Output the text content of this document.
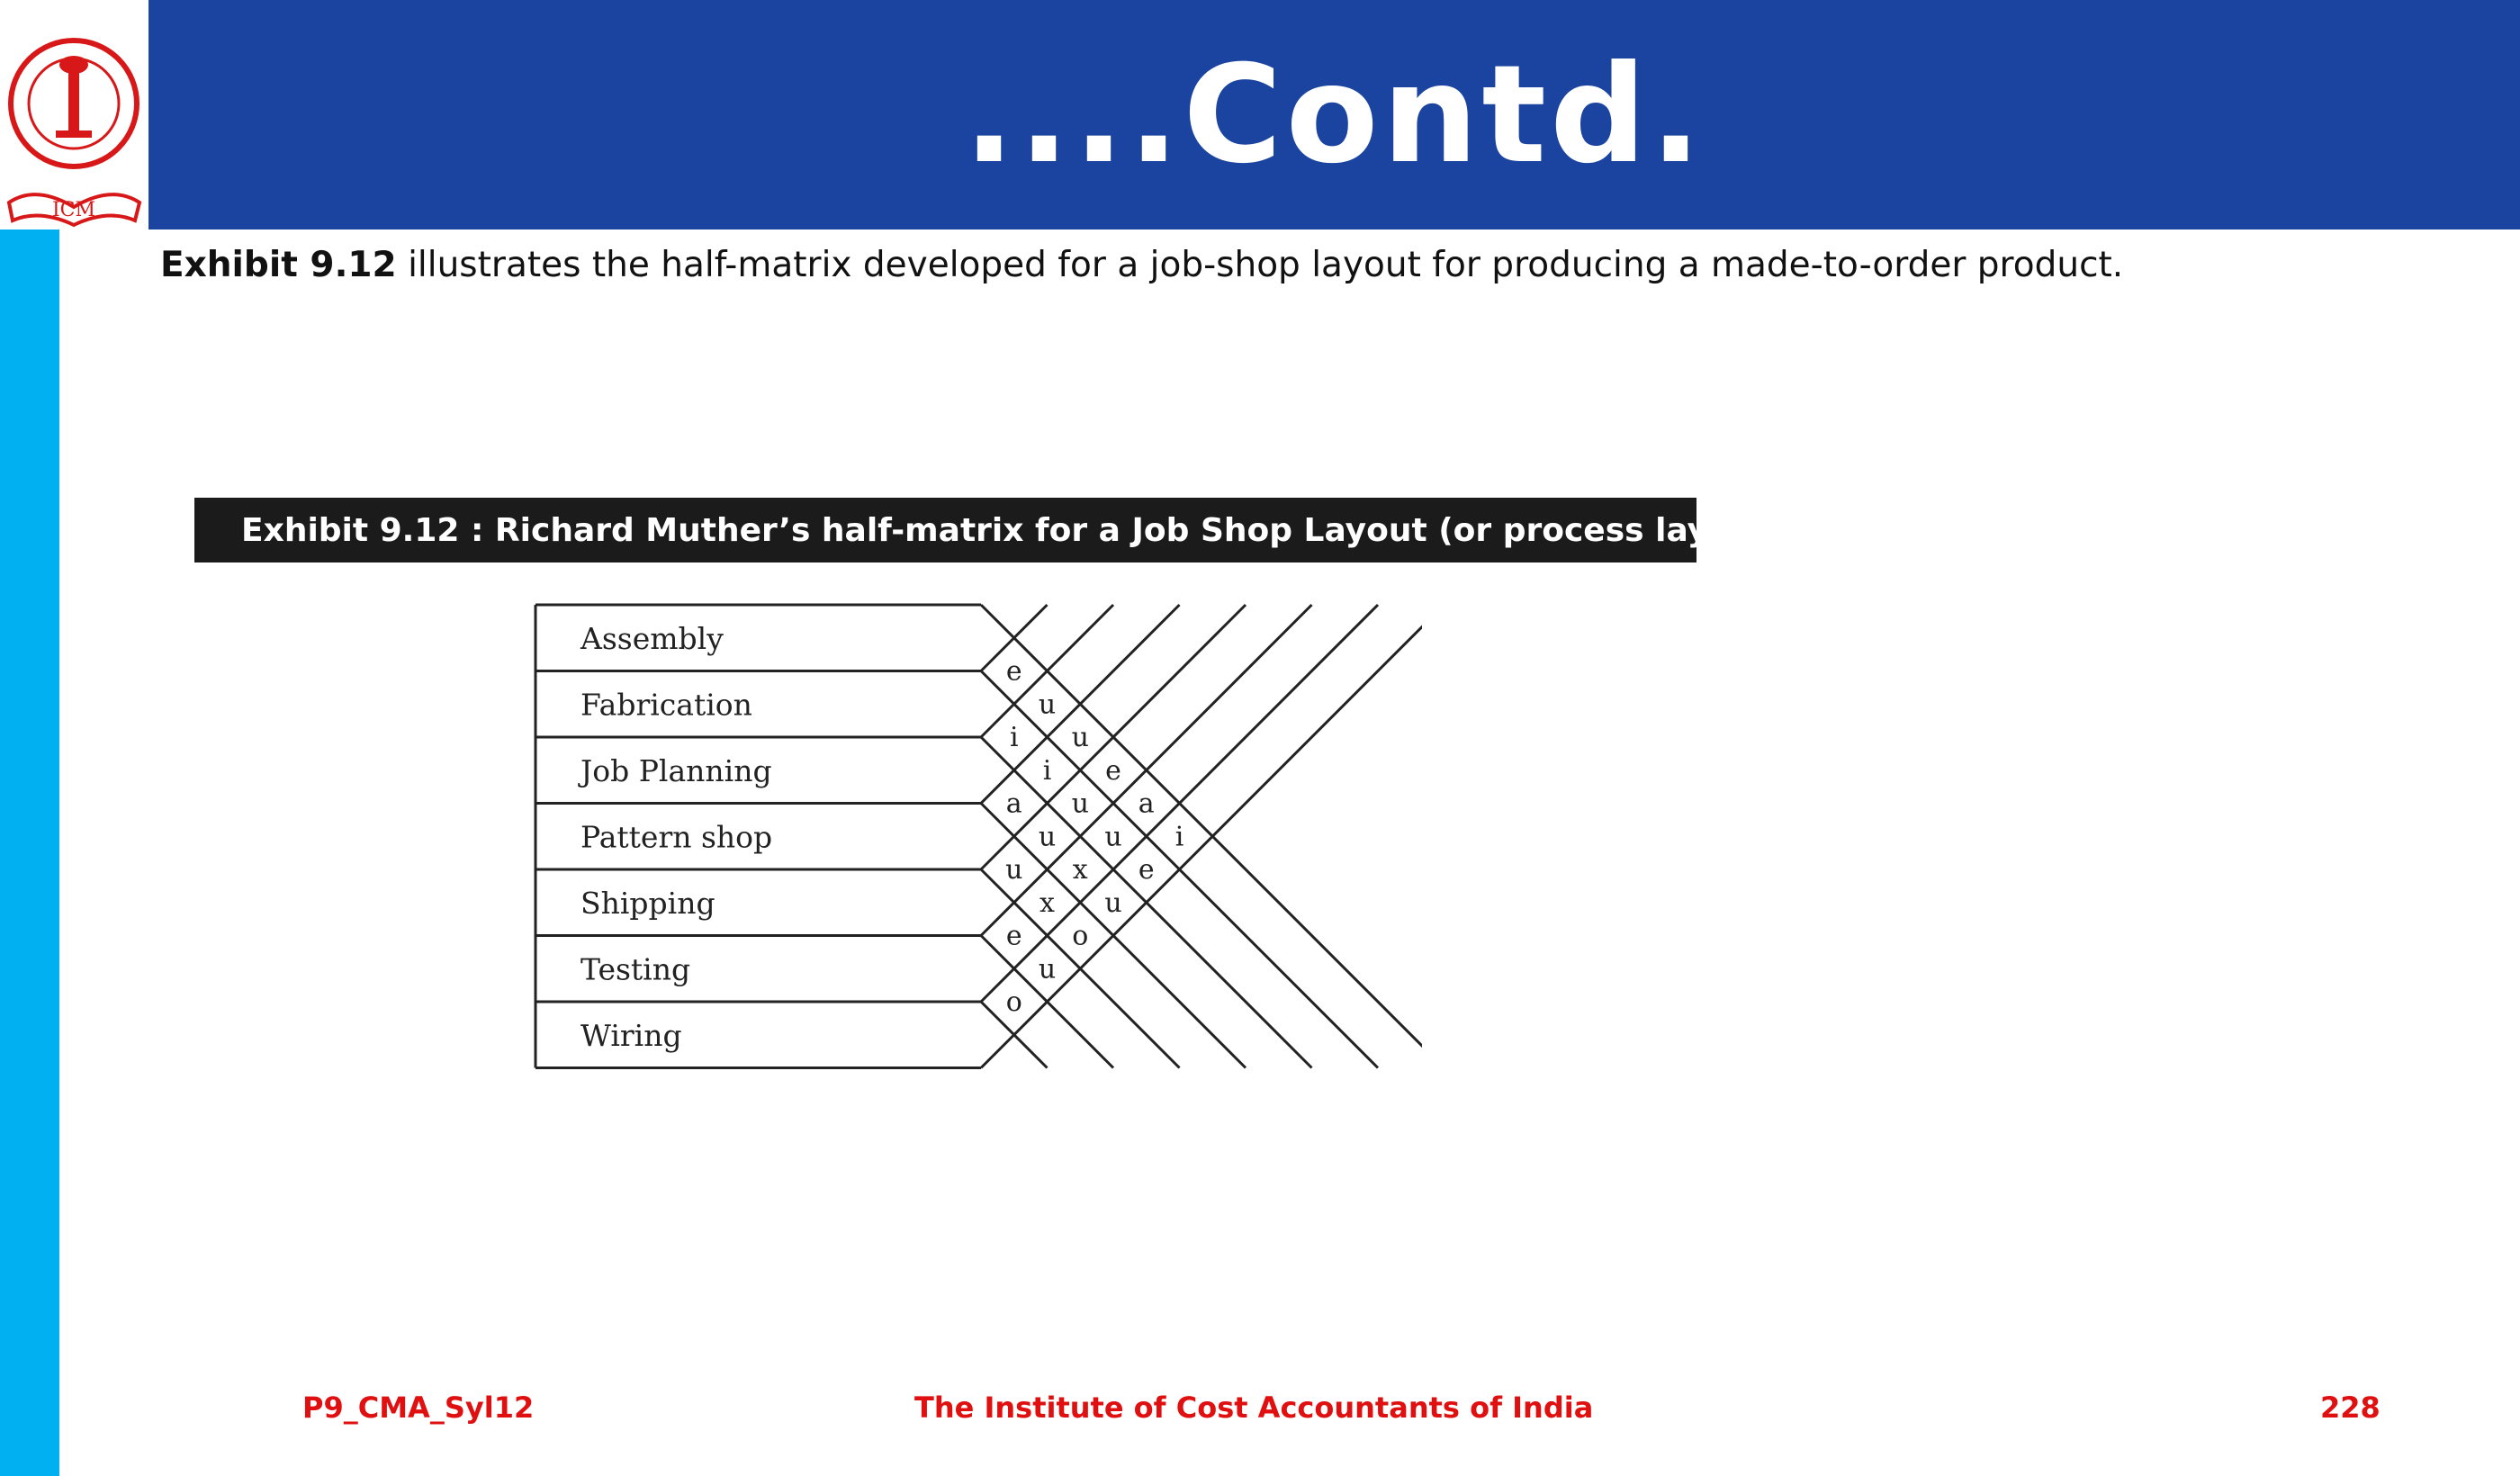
ICM
....Contd.
Exhibit 9.12 illustrates the half-matrix developed for a job-shop layout for producing a made-to-order product.
Exhibit 9.12 : Richard Muther’s half-matrix for a Job Shop Layout (or process layout)
Assembly
Fabrication
Job Planning
Pattern shop
Shipping
Testing
Wiring
e
i
a
u
e
o
u
i
u
x
u
u
u
x
o
e
u
u
a
e
i
P9_CMA_Syl12	The Institute of Cost Accountants of India	228
